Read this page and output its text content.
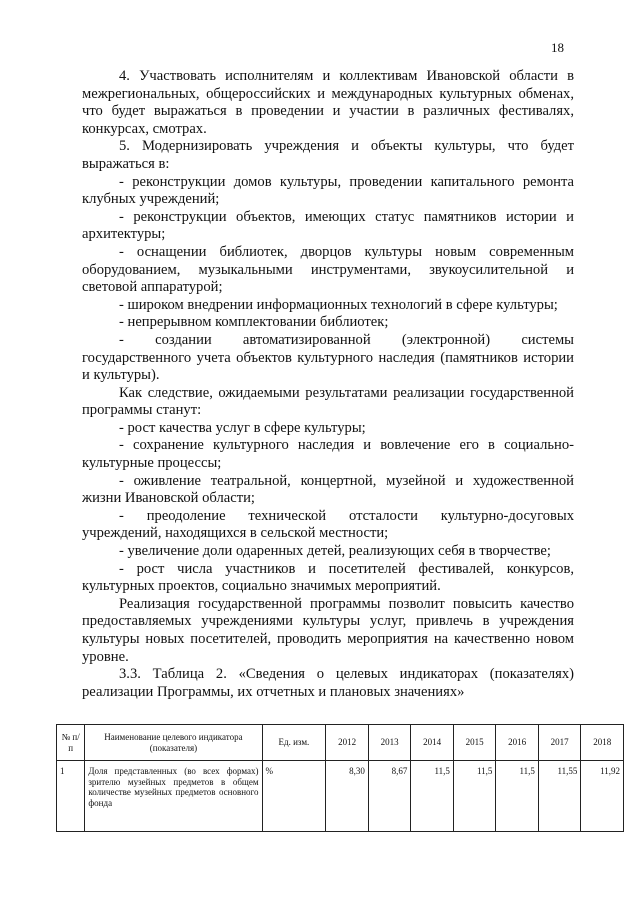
18

4. Участвовать исполнителям и коллективам Ивановской области в межрегиональных, общероссийских и международных культурных обменах, что будет выражаться в проведении и участии в различных фестивалях, конкурсах, смотрах.

5. Модернизировать учреждения и объекты культуры, что будет выражаться в:

- реконструкции домов культуры, проведении капитального ремонта клубных учреждений;

- реконструкции объектов, имеющих статус памятников истории и архитектуры;

- оснащении библиотек, дворцов культуры новым современным оборудованием, музыкальными инструментами, звукоусилительной и световой аппаратурой;

- широком внедрении информационных технологий в сфере культуры;

- непрерывном комплектовании библиотек;

- создании автоматизированной (электронной) системы государственного учета объектов культурного наследия (памятников истории и культуры).

Как следствие, ожидаемыми результатами реализации государственной программы станут:

- рост качества услуг в сфере культуры;

- сохранение культурного наследия и вовлечение его в социально-культурные процессы;

- оживление театральной, концертной, музейной и художественной жизни Ивановской области;

- преодоление технической отсталости культурно-досуговых учреждений, находящихся в сельской местности;

- увеличение доли одаренных детей, реализующих себя в творчестве;

- рост числа участников и посетителей фестивалей, конкурсов, культурных проектов, социально значимых мероприятий.

Реализация государственной программы позволит повысить качество предоставляемых учреждениями культуры услуг, привлечь в учреждения культуры новых посетителей, проводить мероприятия на качественно новом уровне.

3.3. Таблица 2. «Сведения о целевых индикаторах (показателях) реализации Программы, их отчетных и плановых значениях»

№ п/п	Наименование целевого индикатора (показателя)	Ед. изм.	2012	2013	2014	2015	2016	2017	2018
1	Доля представленных (во всех формах) зрителю музейных предметов в общем количестве музейных предметов основного фонда	%	8,30	8,67	11,5	11,5	11,5	11,55	11,92
